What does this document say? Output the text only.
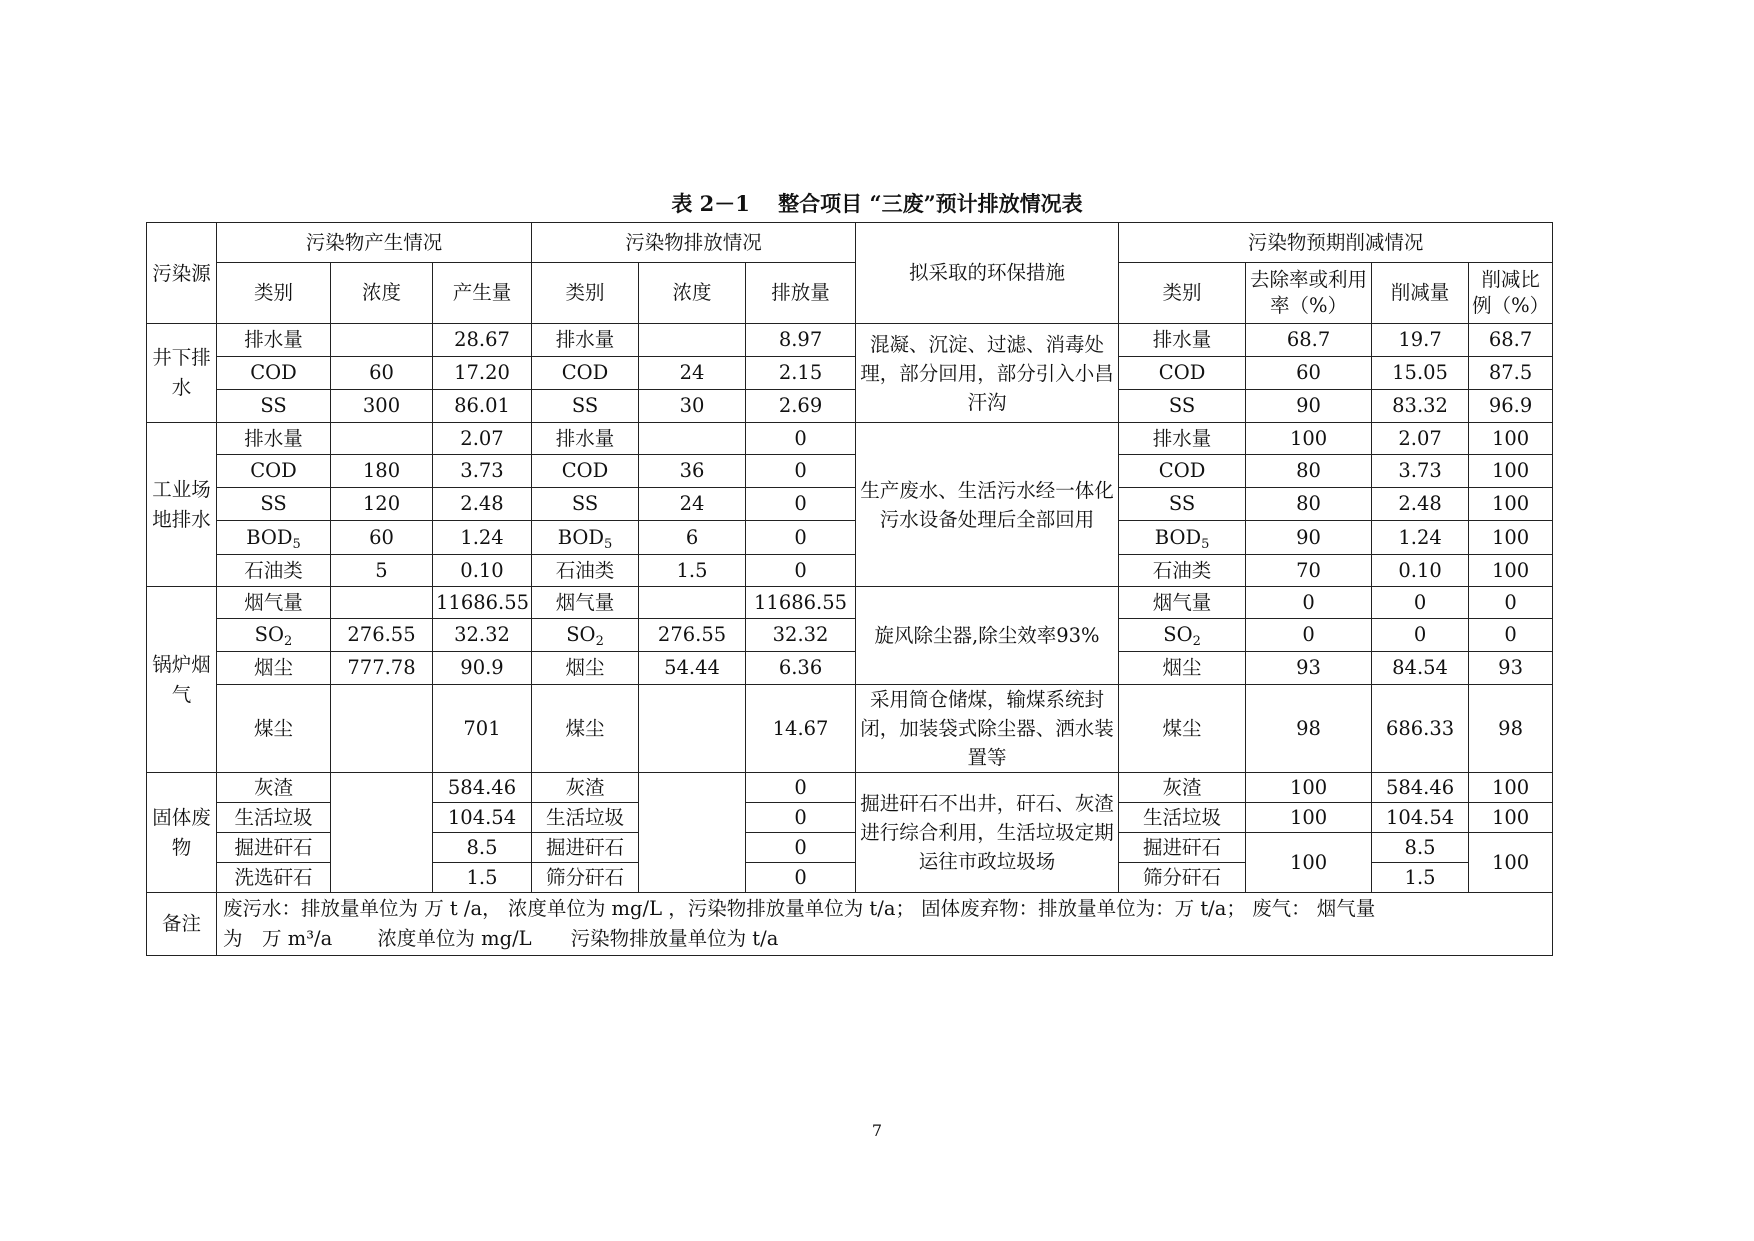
表 2－1　 整合项目 “三废”预计排放情况表
污染源	污染物产生情况			污染物排放情况			拟采取的环保措施	污染物预期削减情况			
	类别	浓度	产生量	类别	浓度	排放量		类别	去除率或利用率（%）	削减量	削减比例（%）
井下排水	排水量		28.67	排水量		8.97	混凝、沉淀、过滤、消毒处理，部分回用，部分引入小昌汗沟	排水量	68.7	19.7	68.7
	COD	60	17.20	COD	24	2.15		COD	60	15.05	87.5
	SS	300	86.01	SS	30	2.69		SS	90	83.32	96.9
工业场地排水	排水量		2.07	排水量		0	生产废水、生活污水经一体化污水设备处理后全部回用	排水量	100	2.07	100
	COD	180	3.73	COD	36	0		COD	80	3.73	100
	SS	120	2.48	SS	24	0		SS	80	2.48	100
	$BOD_5$	60	1.24	$BOD_5$	6	0		$BOD_5$	90	1.24	100
	石油类	5	0.10	石油类	1.5	0		石油类	70	0.10	100
锅炉烟气	烟气量		11686.55	烟气量		11686.55	旋风除尘器,除尘效率93%	烟气量	0	0	0
	$SO_2$	276.55	32.32	$SO_2$	276.55	32.32		$SO_2$	0	0	0
	烟尘	777.78	90.9	烟尘	54.44	6.36		烟尘	93	84.54	93
	煤尘		701	煤尘		14.67	采用筒仓储煤，输煤系统封闭，加装袋式除尘器、洒水装置等	煤尘	98	686.33	98
固体废物	灰渣		584.46	灰渣		0	掘进矸石不出井，矸石、灰渣进行综合利用，生活垃圾定期运往市政垃圾场	灰渣	100	584.46	100
	生活垃圾		104.54	生活垃圾		0		生活垃圾	100	104.54	100
	掘进矸石		8.5	掘进矸石		0		掘进矸石	100	8.5	100
	洗选矸石		1.5	筛分矸石		0		筛分矸石		1.5	
备注	废污水：排放量单位为 万 t /a， 浓度单位为 mg/L ，污染物排放量单位为 t/a； 固体废弃物：排放量单位为：万 t/a； 废气： 烟气量
为　万 m³/a　　 浓度单位为 mg/L　　污染物排放量单位为 t/a										
7
